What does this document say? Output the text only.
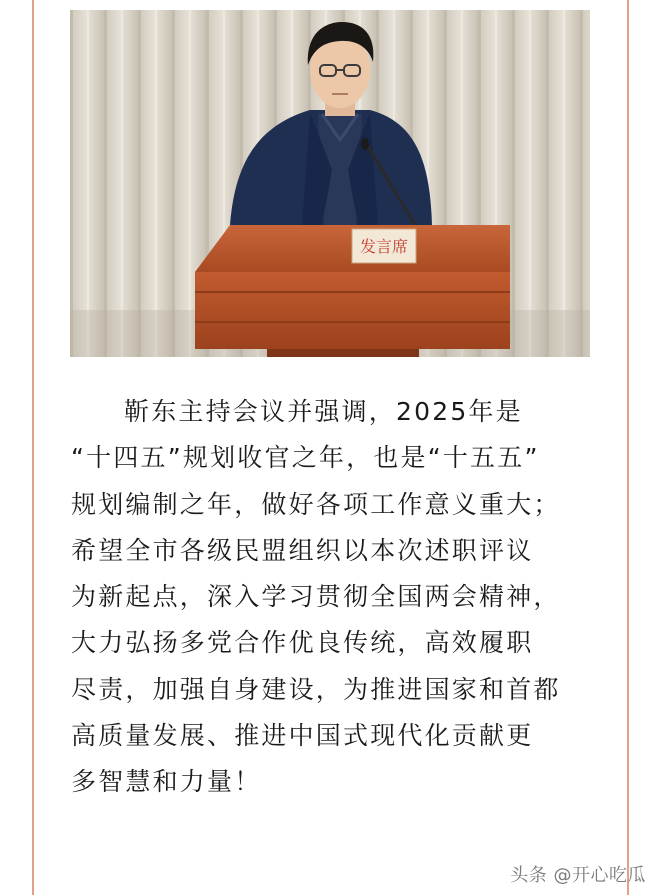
发言席
靳东主持会议并强调，2025年是
“十四五”规划收官之年，也是“十五五”
规划编制之年，做好各项工作意义重大；
希望全市各级民盟组织以本次述职评议
为新起点，深入学习贯彻全国两会精神，
大力弘扬多党合作优良传统，高效履职
尽责，加强自身建设，为推进国家和首都
高质量发展、推进中国式现代化贡献更
多智慧和力量！
头条 @开心吃瓜
